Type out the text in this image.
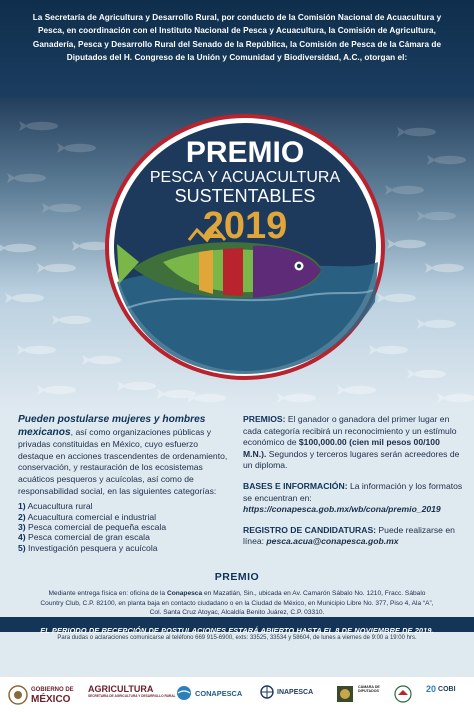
La Secretaría de Agricultura y Desarrollo Rural, por conducto de la Comisión Nacional de Acuacultura y Pesca, en coordinación con el Instituto Nacional de Pesca y Acuacultura, la Comisión de Agricultura, Ganadería, Pesca y Desarrollo Rural del Senado de la República, la Comisión de Pesca de la Cámara de Diputados del H. Congreso de la Unión y Comunidad y Biodiversidad, A.C., otorgan el:

PREMIO
PESCA Y ACUACULTURA
SUSTENTABLES
2019

Pueden postularse mujeres y hombres mexicanos, así como organizaciones públicas y privadas constituidas en México, cuyo esfuerzo destaque en acciones trascendentes de ordenamiento, conservación, y restauración de los ecosistemas acuáticos pesqueros y acuícolas, así como de responsabilidad social, en las siguientes categorías:

1) Acuacultura rural
2) Acuacultura comercial e industrial
3) Pesca comercial de pequeña escala
4) Pesca comercial de gran escala
5) Investigación pesquera y acuícola

PREMIOS: El ganador o ganadora del primer lugar en cada categoría recibirá un reconocimiento y un estímulo económico de $100,000.00 (cien mil pesos 00/100 M.N.). Segundos y terceros lugares serán acreedores de un diploma.

BASES E INFORMACIÓN: La información y los formatos se encuentran en:
https://conapesca.gob.mx/wb/cona/premio_2019

REGISTRO DE CANDIDATURAS: Puede realizarse en línea: pesca.acua@conapesca.gob.mx

PREMIO

Mediante entrega física en: oficina de la Conapesca en Mazatlán, Sin., ubicada en Av. Camarón Sábalo No. 1210, Fracc. Sábalo Country Club, C.P. 82100, en planta baja en contacto ciudadano o en la Ciudad de México, en Municipio Libre No. 377, Piso 4, Ala “A”, Col. Santa Cruz Atoyac, Alcaldía Benito Juárez, C.P. 03310.

EL PERIODO DE RECEPCIÓN DE POSTULACIONES ESTARÁ ABIERTO HASTA EL 8 DE NOVIEMBRE DE 2019.
Para dudas o aclaraciones comunicarse al teléfono 669 915-6900, exts: 33525, 33534 y 58604, de lunes a viernes de 9:00 a 19:00 hrs.
GOBIERNO DE
MÉXICO
AGRICULTURA
SECRETARÍA DE AGRICULTURA Y DESARROLLO RURAL	CONAPESCA	INAPESCA
CÁMARA DE
DIPUTADOS	20 COBI
